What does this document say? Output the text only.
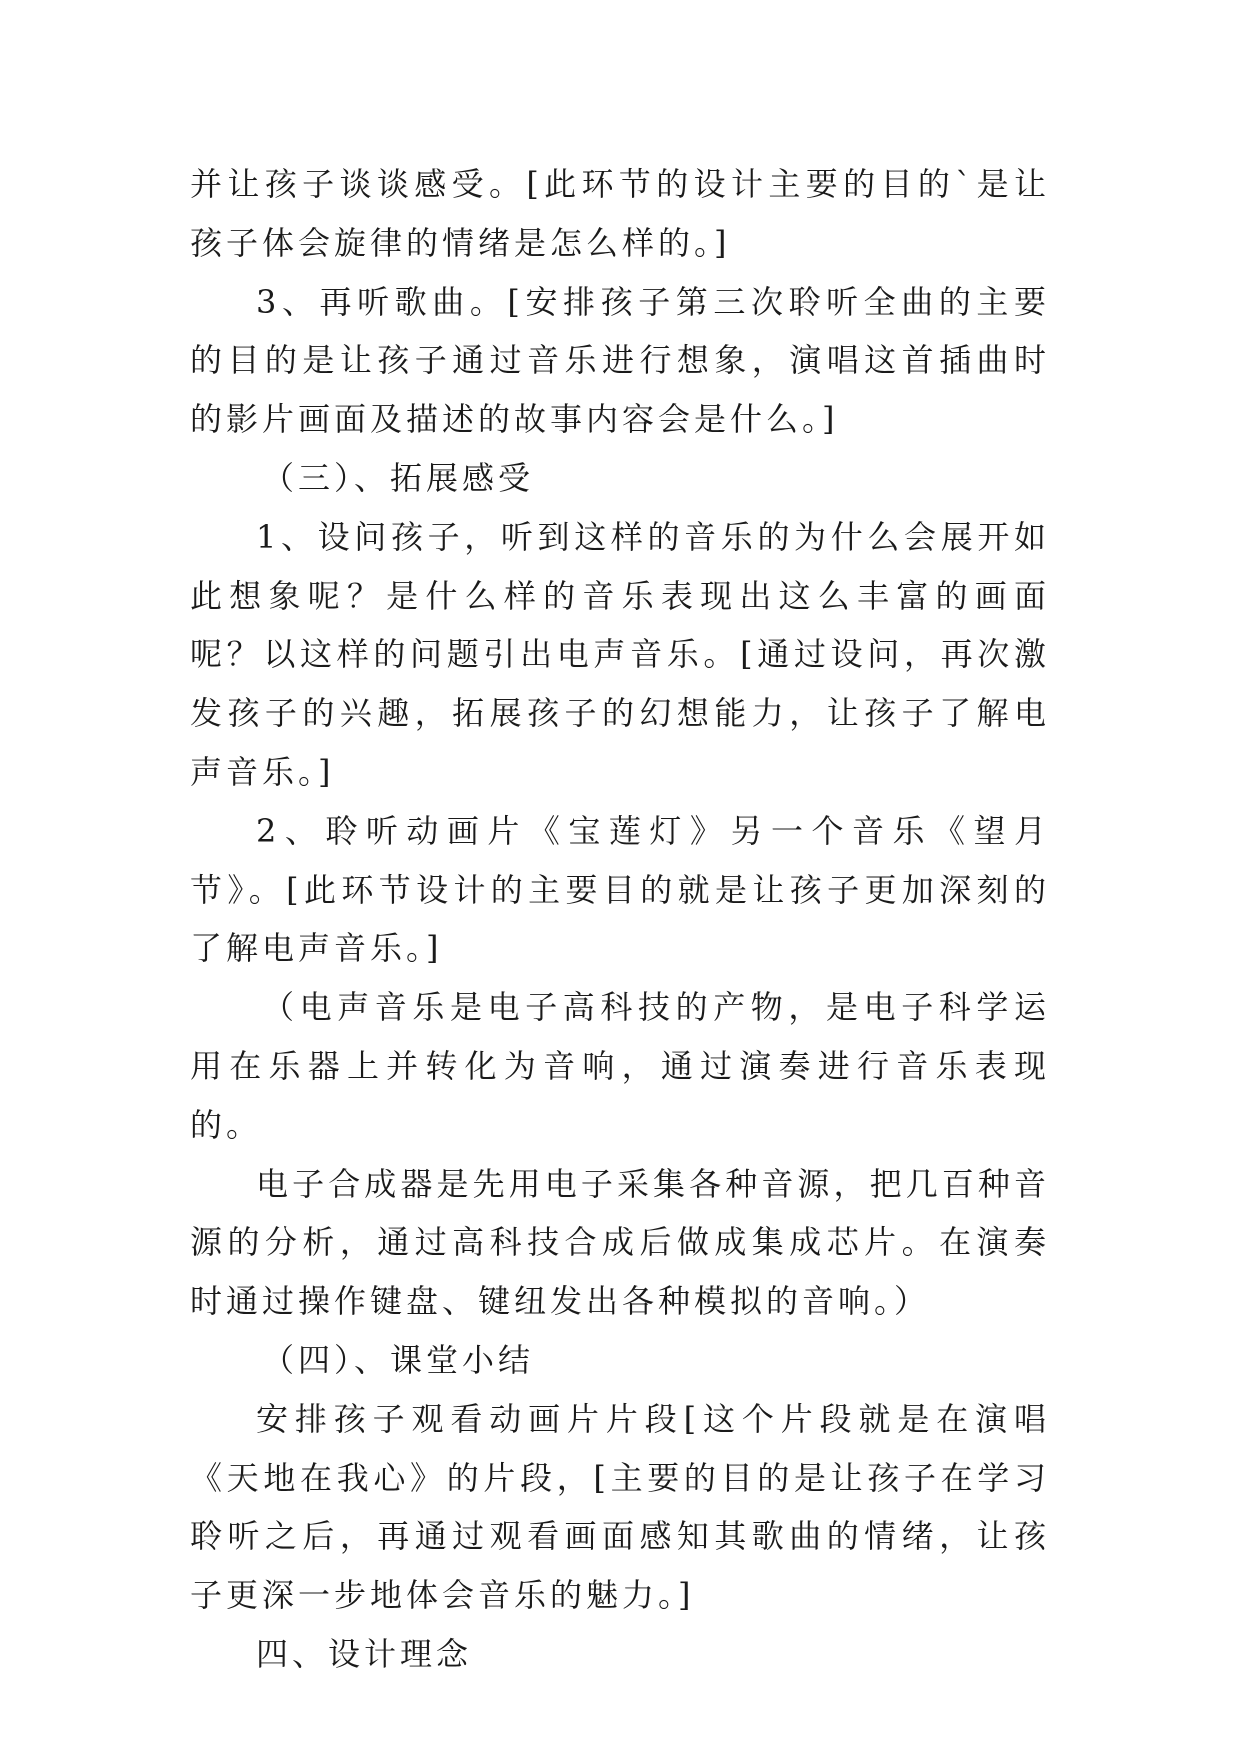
并让孩子谈谈感受。[此环节的设计主要的目的`是让孩子体会旋律的情绪是怎么样的。]

3、再听歌曲。[安排孩子第三次聆听全曲的主要的目的是让孩子通过音乐进行想象，演唱这首插曲时的影片画面及描述的故事内容会是什么。]

（三）、拓展感受

1、设问孩子，听到这样的音乐的为什么会展开如此想象呢？是什么样的音乐表现出这么丰富的画面呢？以这样的问题引出电声音乐。[通过设问，再次激发孩子的兴趣，拓展孩子的幻想能力，让孩子了解电声音乐。]

2、聆听动画片《宝莲灯》另一个音乐《望月节》。[此环节设计的主要目的就是让孩子更加深刻的了解电声音乐。]

（电声音乐是电子高科技的产物，是电子科学运用在乐器上并转化为音响，通过演奏进行音乐表现的。

电子合成器是先用电子采集各种音源，把几百种音源的分析，通过高科技合成后做成集成芯片。在演奏时通过操作键盘、键纽发出各种模拟的音响。）

（四）、课堂小结

安排孩子观看动画片片段[这个片段就是在演唱《天地在我心》的片段，[主要的目的是让孩子在学习聆听之后，再通过观看画面感知其歌曲的情绪，让孩子更深一步地体会音乐的魅力。]

四、设计理念
